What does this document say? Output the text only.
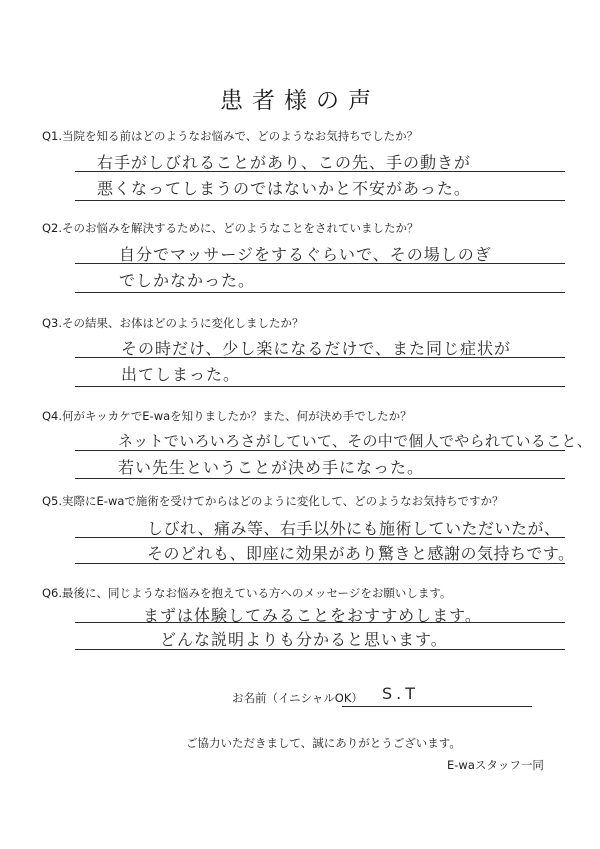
患者様の声
Q1.当院を知る前はどのようなお悩みで、どのようなお気持ちでしたか？
右手がしびれることがあり、この先、手の動きが
悪くなってしまうのではないかと不安があった。
Q2.そのお悩みを解決するために、どのようなことをされていましたか？
自分でマッサージをするぐらいで、その場しのぎ
でしかなかった。
Q3.その結果、お体はどのように変化しましたか？
その時だけ、少し楽になるだけで、また同じ症状が
出てしまった。
Q4.何がキッカケでE-waを知りましたか？また、何が決め手でしたか？
ネットでいろいろさがしていて、その中で個人でやられていること、
若い先生ということが決め手になった。
Q5.実際にE-waで施術を受けてからはどのように変化して、どのようなお気持ちですか？
しびれ、痛み等、右手以外にも施術していただいたが、
そのどれも、即座に効果があり驚きと感謝の気持ちです。
Q6.最後に、同じようなお悩みを抱えている方へのメッセージをお願いします。
まずは体験してみることをおすすめします。
どんな説明よりも分かると思います。
お名前（イニシャルOK） S.T
ご協力いただきまして、誠にありがとうございます。
E-waスタッフ一同
